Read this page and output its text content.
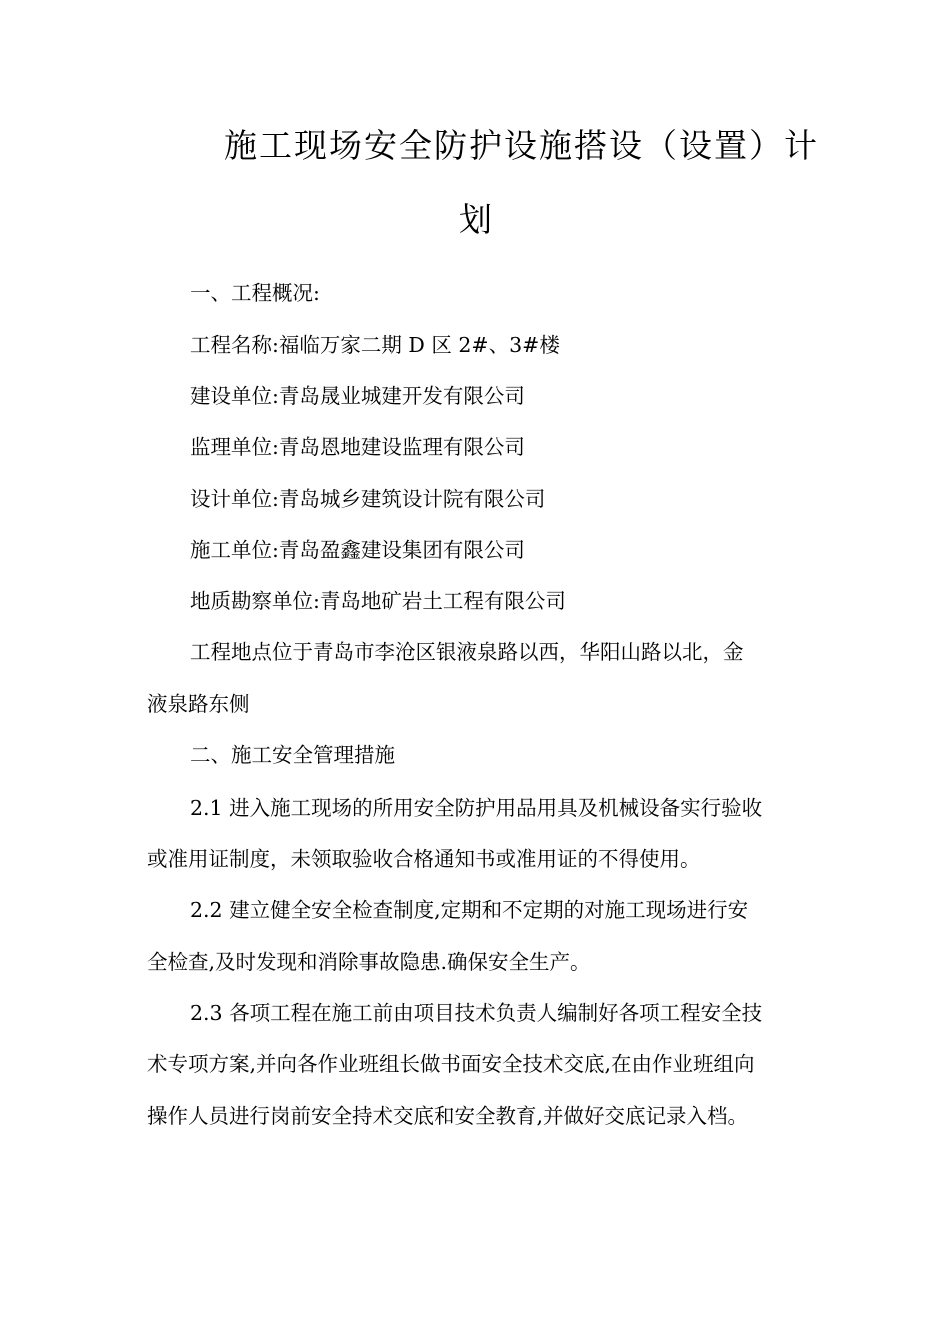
施工现场安全防护设施搭设（设置）计
划
一、工程概况:
工程名称:福临万家二期 D 区 2#、3#楼
建设单位:青岛晟业城建开发有限公司
监理单位:青岛恩地建设监理有限公司
设计单位:青岛城乡建筑设计院有限公司
施工单位:青岛盈鑫建设集团有限公司
地质勘察单位:青岛地矿岩土工程有限公司
工程地点位于青岛市李沧区银液泉路以西，华阳山路以北，金
液泉路东侧
二、施工安全管理措施
2.1 进入施工现场的所用安全防护用品用具及机械设备实行验收
或准用证制度，未领取验收合格通知书或准用证的不得使用。
2.2 建立健全安全检查制度,定期和不定期的对施工现场进行安
全检查,及时发现和消除事故隐患.确保安全生产。
2.3 各项工程在施工前由项目技术负责人编制好各项工程安全技
术专项方案,并向各作业班组长做书面安全技术交底,在由作业班组向
操作人员进行岗前安全持术交底和安全教育,并做好交底记录入档。
